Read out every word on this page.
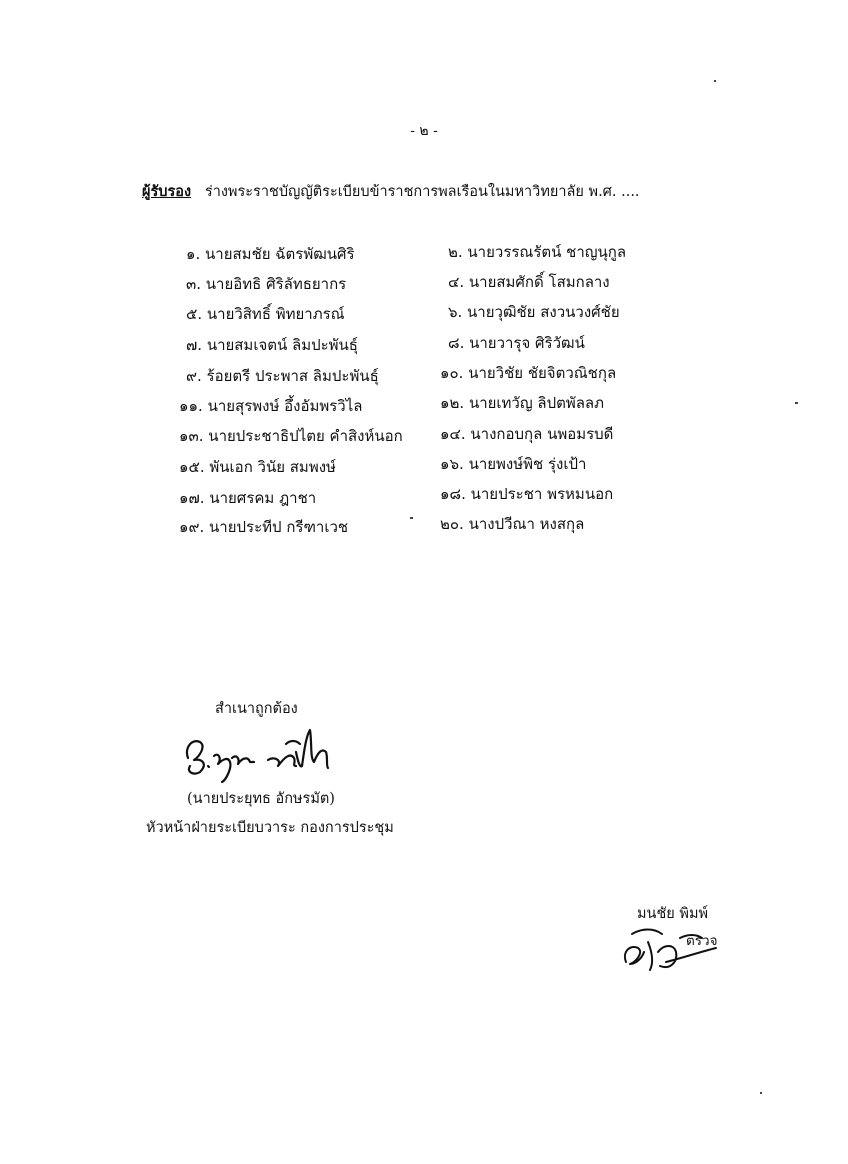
- ๒ -
ผู้รับรอง ร่างพระราชบัญญัติระเบียบข้าราชการพลเรือนในมหาวิทยาลัย พ.ศ. ....
๑. นายสมชัย ฉัตรพัฒนศิริ	๒. นายวรรณรัตน์ ชาญนุกูล
๓. นายอิทธิ ศิริลัทธยากร	๔. นายสมศักดิ์ โสมกลาง
๕. นายวิสิทธิ์ พิทยาภรณ์	๖. นายวุฒิชัย สงวนวงศ์ชัย
๗. นายสมเจตน์ ลิมปะพันธุ์	๘. นายวารุจ ศิริวัฒน์
๙. ร้อยตรี ประพาส ลิมปะพันธุ์	๑๐. นายวิชัย ชัยจิตวณิชกุล
๑๑. นายสุรพงษ์ อึ้งอัมพรวิไล	๑๒. นายเทวัญ ลิปตพัลลภ
๑๓. นายประชาธิปไตย คำสิงห์นอก ๑๔. นางกอบกุล นพอมรบดี
๑๕. พันเอก วินัย สมพงษ์	๑๖. นายพงษ์พิช รุ่งเป้า
๑๗. นายศรคม ฎาชา	๑๘. นายประชา พรหมนอก
๑๙. นายประทีป กรีฑาเวช	๒๐. นางปวีณา หงสกุล
สำเนาถูกต้อง
(นายประยุทธ อักษรมัต)
หัวหน้าฝ่ายระเบียบวาระ กองการประชุม
มนชัย พิมพ์
ตรวจ
